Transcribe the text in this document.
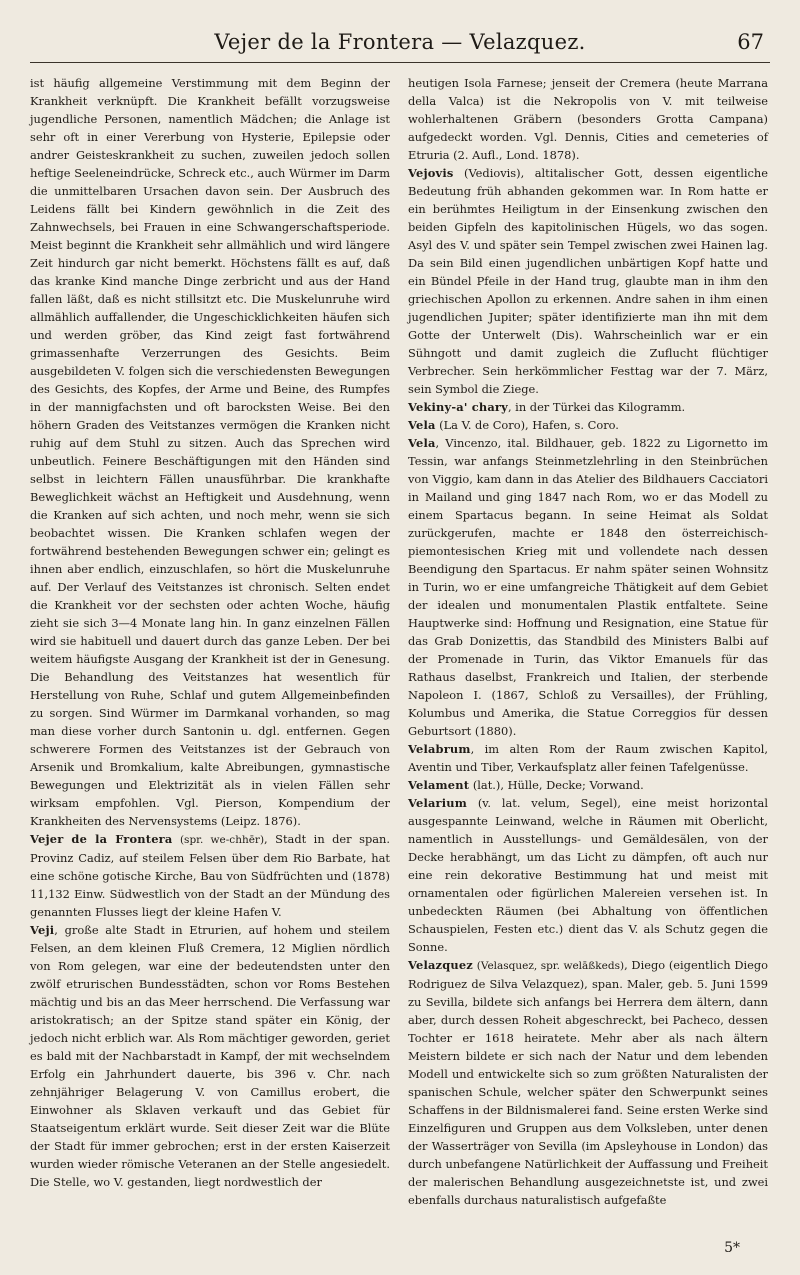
Vejer de la Frontera — Velazquez.	67

ist häufig allgemeine Verstimmung mit dem Beginn der Krankheit verknüpft. Die Krankheit befällt vorzugsweise jugendliche Personen, namentlich Mädchen; die Anlage ist sehr oft in einer Vererbung von Hysterie, Epilepsie oder andrer Geisteskrankheit zu suchen, zuweilen jedoch sollen heftige Seeleneindrücke, Schreck etc., auch Würmer im Darm die unmittelbaren Ursachen davon sein. Der Ausbruch des Leidens fällt bei Kindern gewöhnlich in die Zeit des Zahnwechsels, bei Frauen in eine Schwangerschaftsperiode. Meist beginnt die Krankheit sehr allmählich und wird längere Zeit hindurch gar nicht bemerkt. Höchstens fällt es auf, daß das kranke Kind manche Dinge zerbricht und aus der Hand fallen läßt, daß es nicht stillsitzt etc. Die Muskelunruhe wird allmählich auffallender, die Ungeschicklichkeiten häufen sich und werden gröber, das Kind zeigt fast fortwährend grimassenhafte Verzerrungen des Gesichts. Beim ausgebildeten V. folgen sich die verschiedensten Bewegungen des Gesichts, des Kopfes, der Arme und Beine, des Rumpfes in der mannigfachsten und oft barocksten Weise. Bei den höhern Graden des Veitstanzes vermögen die Kranken nicht ruhig auf dem Stuhl zu sitzen. Auch das Sprechen wird unbeutlich. Feinere Beschäftigungen mit den Händen sind selbst in leichtern Fällen unausführbar. Die krankhafte Beweglichkeit wächst an Heftigkeit und Ausdehnung, wenn die Kranken auf sich achten, und noch mehr, wenn sie sich beobachtet wissen. Die Kranken schlafen wegen der fortwährend bestehenden Bewegungen schwer ein; gelingt es ihnen aber endlich, einzuschlafen, so hört die Muskelunruhe auf. Der Verlauf des Veitstanzes ist chronisch. Selten endet die Krankheit vor der sechsten oder achten Woche, häufig zieht sie sich 3—4 Monate lang hin. In ganz einzelnen Fällen wird sie habituell und dauert durch das ganze Leben. Der bei weitem häufigste Ausgang der Krankheit ist der in Genesung. Die Behandlung des Veitstanzes hat wesentlich für Herstellung von Ruhe, Schlaf und gutem Allgemeinbefinden zu sorgen. Sind Würmer im Darmkanal vorhanden, so mag man diese vorher durch Santonin u. dgl. entfernen. Gegen schwerere Formen des Veitstanzes ist der Gebrauch von Arsenik und Bromkalium, kalte Abreibungen, gymnastische Bewegungen und Elektrizität als in vielen Fällen sehr wirksam empfohlen. Vgl. Pierson, Kompendium der Krankheiten des Nervensystems (Leipz. 1876).

Vejer de la Frontera (spr. we-chhēr), Stadt in der span. Provinz Cadiz, auf steilem Felsen über dem Rio Barbate, hat eine schöne gotische Kirche, Bau von Südfrüchten und (1878) 11,132 Einw. Südwestlich von der Stadt an der Mündung des genannten Flusses liegt der kleine Hafen V.

Veji, große alte Stadt in Etrurien, auf hohem und steilem Felsen, an dem kleinen Fluß Cremera, 12 Miglien nördlich von Rom gelegen, war eine der bedeutendsten unter den zwölf etrurischen Bundesstädten, schon vor Roms Bestehen mächtig und bis an das Meer herrschend. Die Verfassung war aristokratisch; an der Spitze stand später ein König, der jedoch nicht erblich war. Als Rom mächtiger geworden, geriet es bald mit der Nachbarstadt in Kampf, der mit wechselndem Erfolg ein Jahrhundert dauerte, bis 396 v. Chr. nach zehnjähriger Belagerung V. von Camillus erobert, die Einwohner als Sklaven verkauft und das Gebiet für Staatseigentum erklärt wurde. Seit dieser Zeit war die Blüte der Stadt für immer gebrochen; erst in der ersten Kaiserzeit wurden wieder römische Veteranen an der Stelle angesiedelt. Die Stelle, wo V. gestanden, liegt nordwestlich der

heutigen Isola Farnese; jenseit der Cremera (heute Marrana della Valca) ist die Nekropolis von V. mit teilweise wohlerhaltenen Gräbern (besonders Grotta Campana) aufgedeckt worden. Vgl. Dennis, Cities and cemeteries of Etruria (2. Aufl., Lond. 1878).

Vejovis (Vediovis), altitalischer Gott, dessen eigentliche Bedeutung früh abhanden gekommen war. In Rom hatte er ein berühmtes Heiligtum in der Einsenkung zwischen den beiden Gipfeln des kapitolinischen Hügels, wo das sogen. Asyl des V. und später sein Tempel zwischen zwei Hainen lag. Da sein Bild einen jugendlichen unbärtigen Kopf hatte und ein Bündel Pfeile in der Hand trug, glaubte man in ihm den griechischen Apollon zu erkennen. Andre sahen in ihm einen jugendlichen Jupiter; später identifizierte man ihn mit dem Gotte der Unterwelt (Dis). Wahrscheinlich war er ein Sühngott und damit zugleich die Zuflucht flüchtiger Verbrecher. Sein herkömmlicher Festtag war der 7. März, sein Symbol die Ziege.

Vekiny-a' chary, in der Türkei das Kilogramm.

Vela (La V. de Coro), Hafen, s. Coro.

Vela, Vincenzo, ital. Bildhauer, geb. 1822 zu Ligornetto im Tessin, war anfangs Steinmetzlehrling in den Steinbrüchen von Viggio, kam dann in das Atelier des Bildhauers Cacciatori in Mailand und ging 1847 nach Rom, wo er das Modell zu einem Spartacus begann. In seine Heimat als Soldat zurückgerufen, machte er 1848 den österreichisch-piemontesischen Krieg mit und vollendete nach dessen Beendigung den Spartacus. Er nahm später seinen Wohnsitz in Turin, wo er eine umfangreiche Thätigkeit auf dem Gebiet der idealen und monumentalen Plastik entfaltete. Seine Hauptwerke sind: Hoffnung und Resignation, eine Statue für das Grab Donizettis, das Standbild des Ministers Balbi auf der Promenade in Turin, das Viktor Emanuels für das Rathaus daselbst, Frankreich und Italien, der sterbende Napoleon I. (1867, Schloß zu Versailles), der Frühling, Kolumbus und Amerika, die Statue Correggios für dessen Geburtsort (1880).

Velabrum, im alten Rom der Raum zwischen Kapitol, Aventin und Tiber, Verkaufsplatz aller feinen Tafelgenüsse.

Velament (lat.), Hülle, Decke; Vorwand.

Velarium (v. lat. velum, Segel), eine meist horizontal ausgespannte Leinwand, welche in Räumen mit Oberlicht, namentlich in Ausstellungs- und Gemäldesälen, von der Decke herabhängt, um das Licht zu dämpfen, oft auch nur eine rein dekorative Bestimmung hat und meist mit ornamentalen oder figürlichen Malereien versehen ist. In unbedeckten Räumen (bei Abhaltung von öffentlichen Schauspielen, Festen etc.) dient das V. als Schutz gegen die Sonne.

Velazquez (Velasquez, spr. welāßkeds), Diego (eigentlich Diego Rodriguez de Silva Velazquez), span. Maler, geb. 5. Juni 1599 zu Sevilla, bildete sich anfangs bei Herrera dem ältern, dann aber, durch dessen Roheit abgeschreckt, bei Pacheco, dessen Tochter er 1618 heiratete. Mehr aber als nach ältern Meistern bildete er sich nach der Natur und dem lebenden Modell und entwickelte sich so zum größten Naturalisten der spanischen Schule, welcher später den Schwerpunkt seines Schaffens in der Bildnismalerei fand. Seine ersten Werke sind Einzelfiguren und Gruppen aus dem Volksleben, unter denen der Wasserträger von Sevilla (im Apsleyhouse in London) das durch unbefangene Natürlichkeit der Auffassung und Freiheit der malerischen Behandlung ausgezeichnetste ist, und zwei ebenfalls durchaus naturalistisch aufgefaßte

5*
